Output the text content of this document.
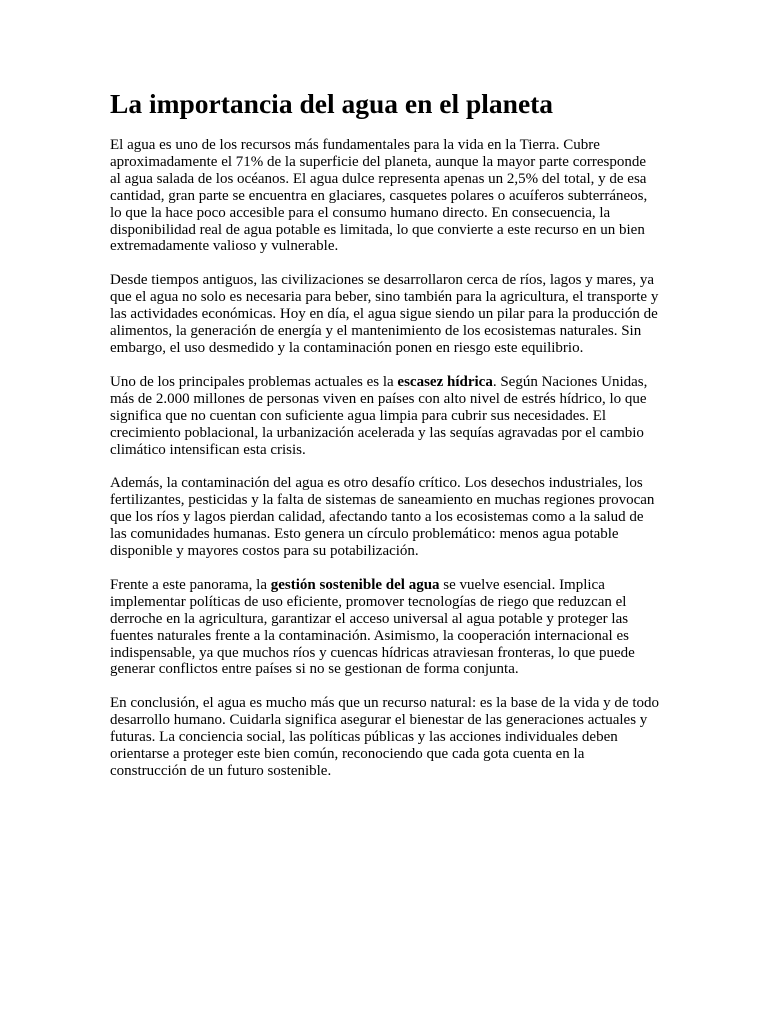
La importancia del agua en el planeta

El agua es uno de los recursos más fundamentales para la vida en la Tierra. Cubre aproximadamente el 71% de la superficie del planeta, aunque la mayor parte corresponde al agua salada de los océanos. El agua dulce representa apenas un 2,5% del total, y de esa cantidad, gran parte se encuentra en glaciares, casquetes polares o acuíferos subterráneos, lo que la hace poco accesible para el consumo humano directo. En consecuencia, la disponibilidad real de agua potable es limitada, lo que convierte a este recurso en un bien extremadamente valioso y vulnerable.

Desde tiempos antiguos, las civilizaciones se desarrollaron cerca de ríos, lagos y mares, ya que el agua no solo es necesaria para beber, sino también para la agricultura, el transporte y las actividades económicas. Hoy en día, el agua sigue siendo un pilar para la producción de alimentos, la generación de energía y el mantenimiento de los ecosistemas naturales. Sin embargo, el uso desmedido y la contaminación ponen en riesgo este equilibrio.

Uno de los principales problemas actuales es la escasez hídrica. Según Naciones Unidas, más de 2.000 millones de personas viven en países con alto nivel de estrés hídrico, lo que significa que no cuentan con suficiente agua limpia para cubrir sus necesidades. El crecimiento poblacional, la urbanización acelerada y las sequías agravadas por el cambio climático intensifican esta crisis.

Además, la contaminación del agua es otro desafío crítico. Los desechos industriales, los fertilizantes, pesticidas y la falta de sistemas de saneamiento en muchas regiones provocan que los ríos y lagos pierdan calidad, afectando tanto a los ecosistemas como a la salud de las comunidades humanas. Esto genera un círculo problemático: menos agua potable disponible y mayores costos para su potabilización.

Frente a este panorama, la gestión sostenible del agua se vuelve esencial. Implica implementar políticas de uso eficiente, promover tecnologías de riego que reduzcan el derroche en la agricultura, garantizar el acceso universal al agua potable y proteger las fuentes naturales frente a la contaminación. Asimismo, la cooperación internacional es indispensable, ya que muchos ríos y cuencas hídricas atraviesan fronteras, lo que puede generar conflictos entre países si no se gestionan de forma conjunta.

En conclusión, el agua es mucho más que un recurso natural: es la base de la vida y de todo desarrollo humano. Cuidarla significa asegurar el bienestar de las generaciones actuales y futuras. La conciencia social, las políticas públicas y las acciones individuales deben orientarse a proteger este bien común, reconociendo que cada gota cuenta en la construcción de un futuro sostenible.
